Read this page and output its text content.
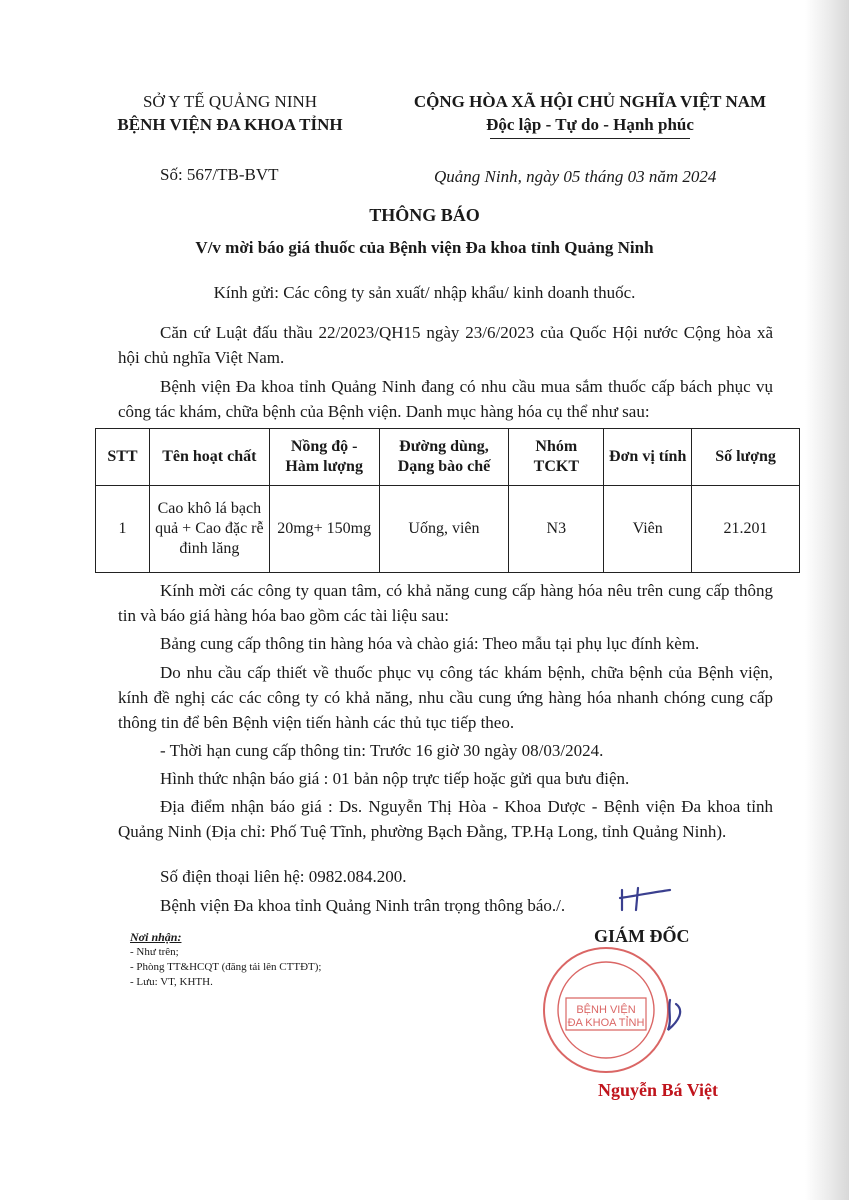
SỞ Y TẾ QUẢNG NINH
BỆNH VIỆN ĐA KHOA TỈNH
CỘNG HÒA XÃ HỘI CHỦ NGHĨA VIỆT NAM
Độc lập - Tự do - Hạnh phúc
Số: 567/TB-BVT	Quảng Ninh, ngày 05 tháng 03 năm 2024
THÔNG BÁO
V/v mời báo giá thuốc của Bệnh viện Đa khoa tỉnh Quảng Ninh
Kính gửi: Các công ty sản xuất/ nhập khẩu/ kinh doanh thuốc.

Căn cứ Luật đấu thầu 22/2023/QH15 ngày 23/6/2023 của Quốc Hội nước Cộng hòa xã hội chủ nghĩa Việt Nam.

Bệnh viện Đa khoa tỉnh Quảng Ninh đang có nhu cầu mua sắm thuốc cấp bách phục vụ công tác khám, chữa bệnh của Bệnh viện. Danh mục hàng hóa cụ thể như sau:

STT	Tên hoạt chất	Nồng độ - Hàm lượng	Đường dùng, Dạng bào chế	Nhóm TCKT	Đơn vị tính	Số lượng
1	Cao khô lá bạch quả + Cao đặc rễ đinh lăng	20mg+ 150mg	Uống, viên	N3	Viên	21.201

Kính mời các công ty quan tâm, có khả năng cung cấp hàng hóa nêu trên cung cấp thông tin và báo giá hàng hóa bao gồm các tài liệu sau:

Bảng cung cấp thông tin hàng hóa và chào giá: Theo mẫu tại phụ lục đính kèm.

Do nhu cầu cấp thiết về thuốc phục vụ công tác khám bệnh, chữa bệnh của Bệnh viện, kính đề nghị các các công ty có khả năng, nhu cầu cung ứng hàng hóa nhanh chóng cung cấp thông tin để bên Bệnh viện tiến hành các thủ tục tiếp theo.

- Thời hạn cung cấp thông tin: Trước 16 giờ 30 ngày 08/03/2024.

Hình thức nhận báo giá : 01 bản nộp trực tiếp hoặc gửi qua bưu điện.

Địa điểm nhận báo giá : Ds. Nguyễn Thị Hòa - Khoa Dược - Bệnh viện Đa khoa tỉnh Quảng Ninh (Địa chỉ: Phố Tuệ Tĩnh, phường Bạch Đằng, TP.Hạ Long, tỉnh Quảng Ninh).

Số điện thoại liên hệ: 0982.084.200.

Bệnh viện Đa khoa tỉnh Quảng Ninh trân trọng thông báo./.

Nơi nhận:
- Như trên;
- Phòng TT&HCQT (đăng tải lên CTTĐT);
- Lưu: VT, KHTH.
GIÁM ĐỐC
BỆNH VIỆN
ĐA KHOA TỈNH
Nguyễn Bá Việt
